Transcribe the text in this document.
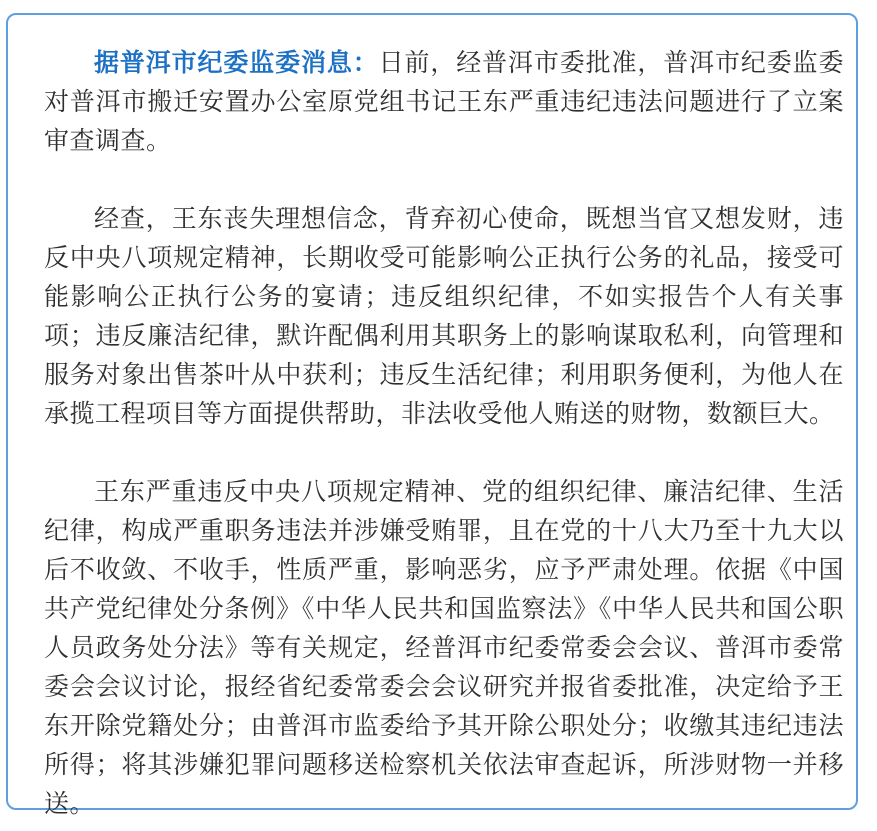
据普洱市纪委监委消息：日前，经普洱市委批准，普洱市纪委监委对普洱市搬迁安置办公室原党组书记王东严重违纪违法问题进行了立案审查调查。

经查，王东丧失理想信念，背弃初心使命，既想当官又想发财，违反中央八项规定精神，长期收受可能影响公正执行公务的礼品，接受可能影响公正执行公务的宴请；违反组织纪律，不如实报告个人有关事项；违反廉洁纪律，默许配偶利用其职务上的影响谋取私利，向管理和服务对象出售茶叶从中获利；违反生活纪律；利用职务便利，为他人在承揽工程项目等方面提供帮助，非法收受他人贿送的财物，数额巨大。

王东严重违反中央八项规定精神、党的组织纪律、廉洁纪律、生活纪律，构成严重职务违法并涉嫌受贿罪，且在党的十八大乃至十九大以后不收敛、不收手，性质严重，影响恶劣，应予严肃处理。依据《中国共产党纪律处分条例》《中华人民共和国监察法》《中华人民共和国公职人员政务处分法》等有关规定，经普洱市纪委常委会会议、普洱市委常委会会议讨论，报经省纪委常委会会议研究并报省委批准，决定给予王东开除党籍处分；由普洱市监委给予其开除公职处分；收缴其违纪违法所得；将其涉嫌犯罪问题移送检察机关依法审查起诉，所涉财物一并移送。
